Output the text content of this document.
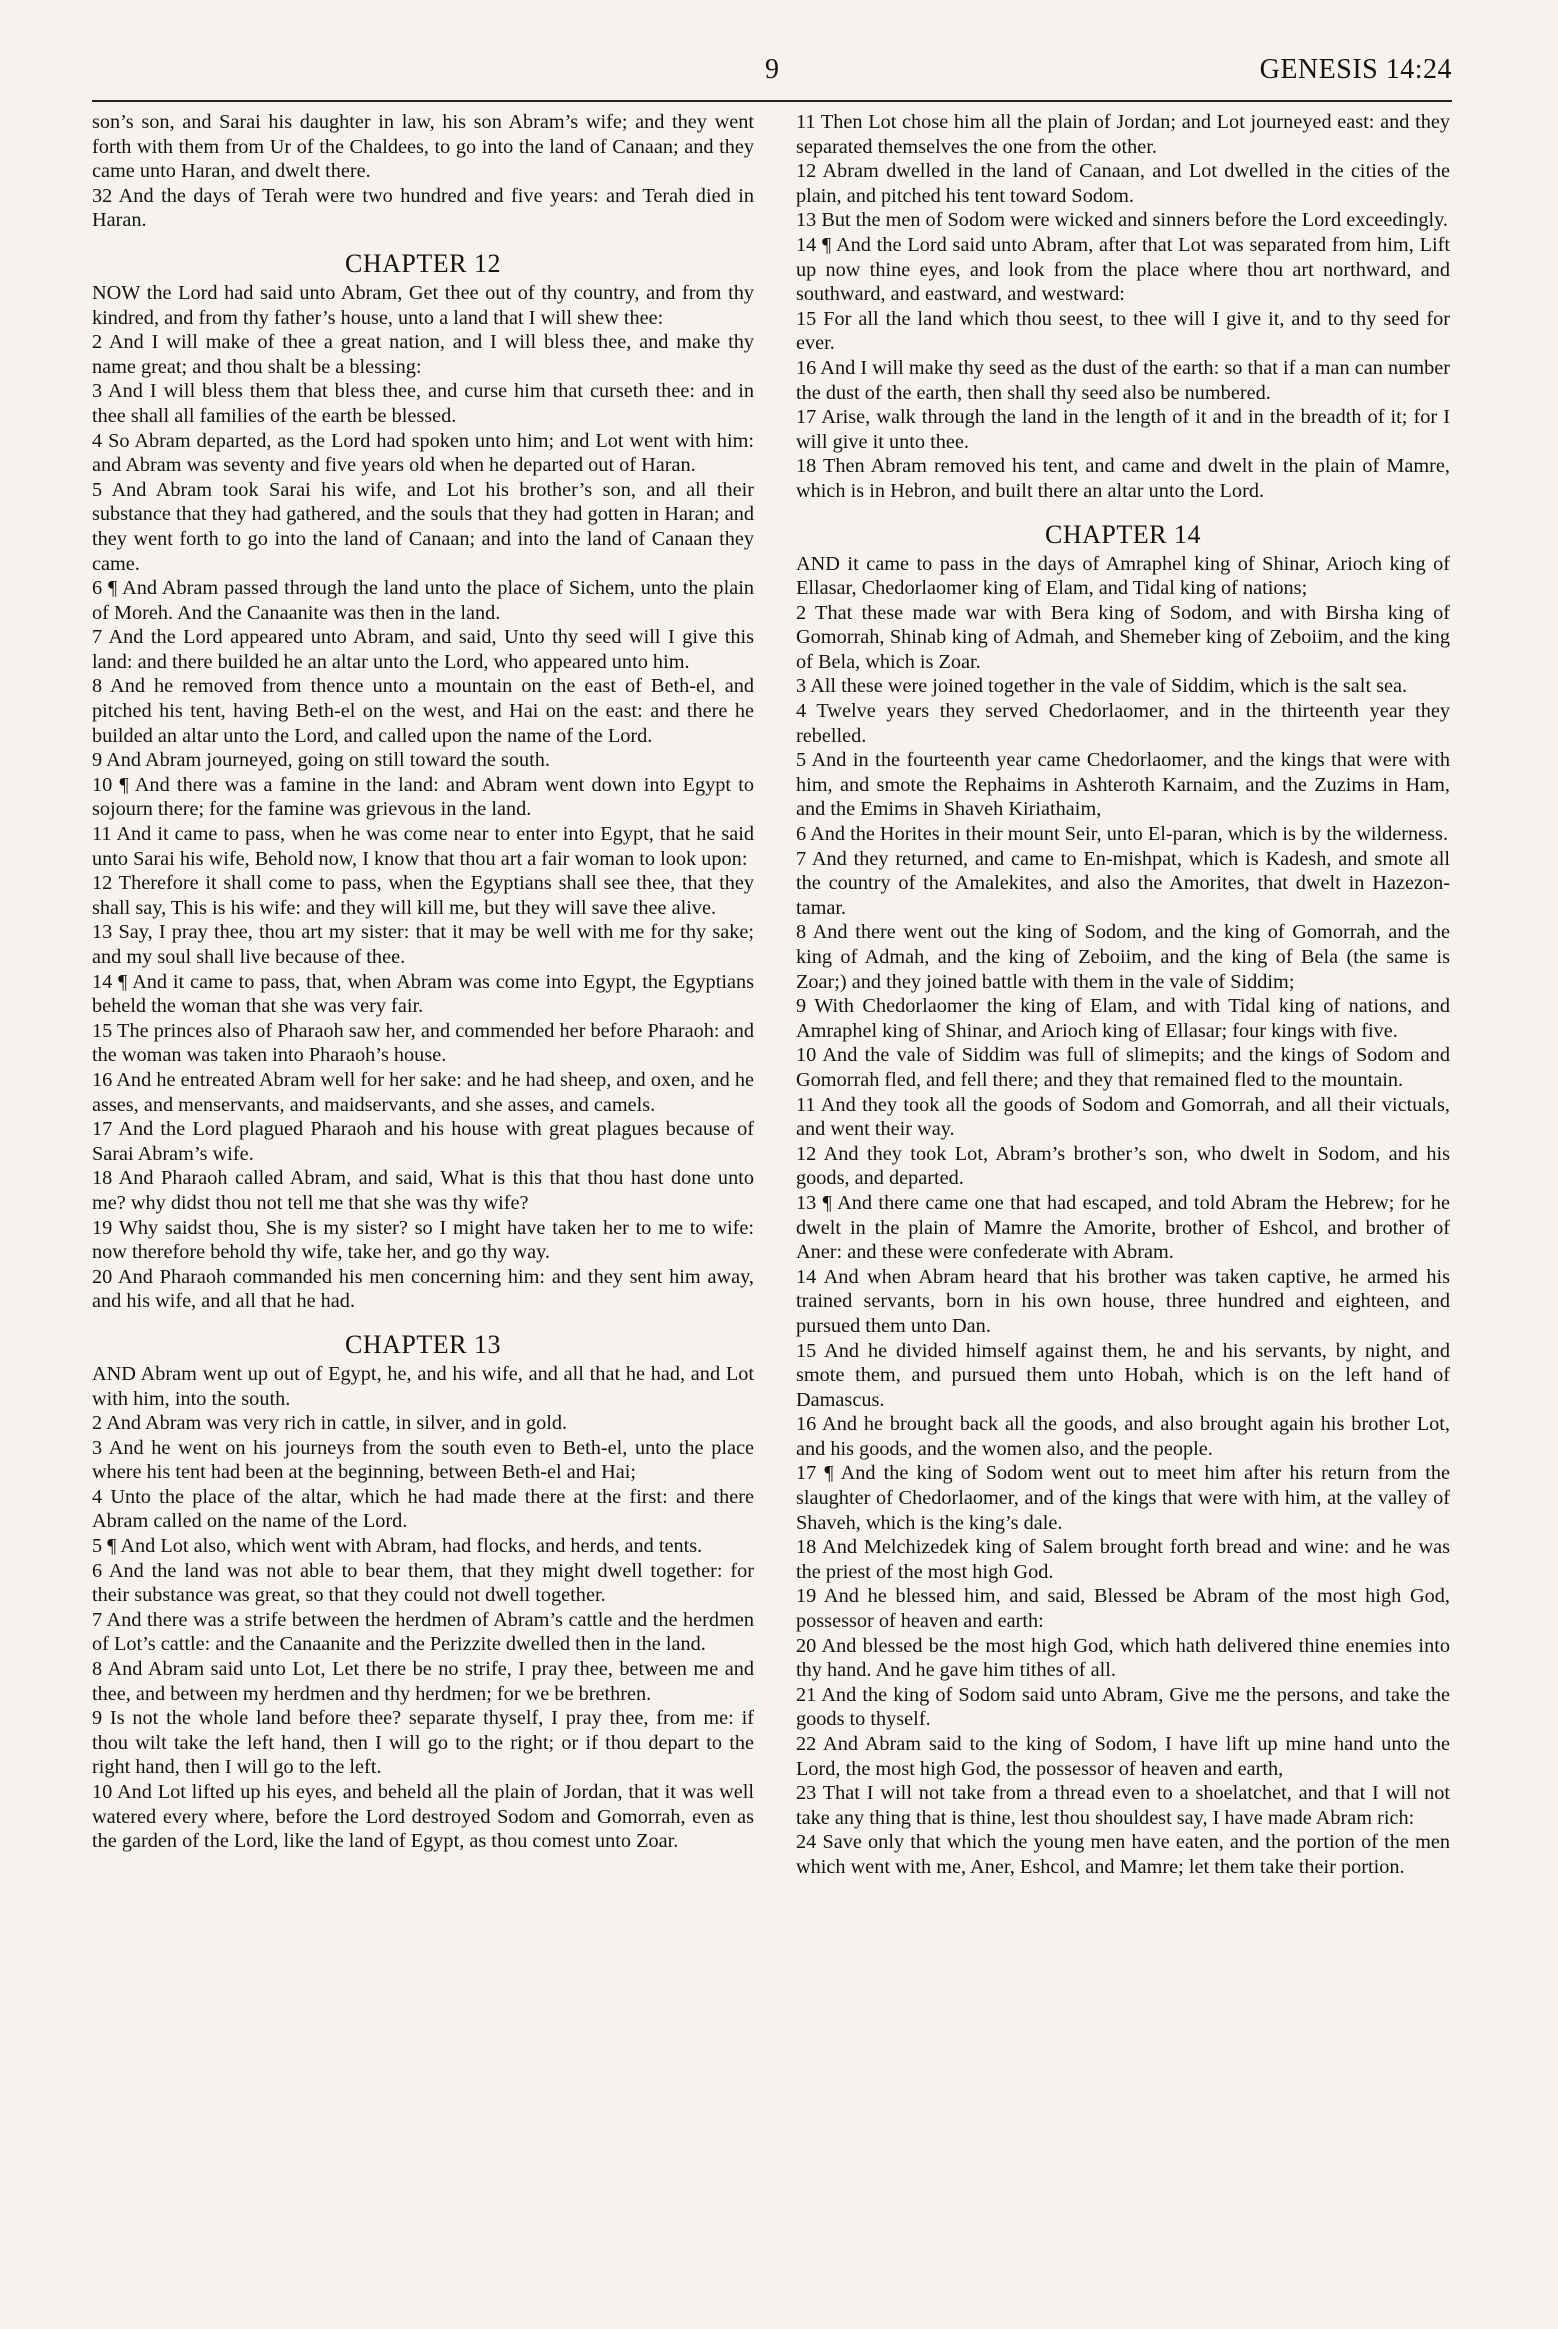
9	GENESIS 14:24

son’s son, and Sarai his daughter in law, his son Abram’s wife; and they went forth with them from Ur of the Chaldees, to go into the land of Canaan; and they came unto Haran, and dwelt there.

32 And the days of Terah were two hundred and five years: and Terah died in Haran.

CHAPTER 12

NOW the Lord had said unto Abram, Get thee out of thy country, and from thy kindred, and from thy father’s house, unto a land that I will shew thee:

2 And I will make of thee a great nation, and I will bless thee, and make thy name great; and thou shalt be a blessing:

3 And I will bless them that bless thee, and curse him that curseth thee: and in thee shall all families of the earth be blessed.

4 So Abram departed, as the Lord had spoken unto him; and Lot went with him: and Abram was seventy and five years old when he departed out of Haran.

5 And Abram took Sarai his wife, and Lot his brother’s son, and all their substance that they had gathered, and the souls that they had gotten in Haran; and they went forth to go into the land of Canaan; and into the land of Canaan they came.

6 ¶ And Abram passed through the land unto the place of Sichem, unto the plain of Moreh. And the Canaanite was then in the land.

7 And the Lord appeared unto Abram, and said, Unto thy seed will I give this land: and there builded he an altar unto the Lord, who appeared unto him.

8 And he removed from thence unto a mountain on the east of Beth-el, and pitched his tent, having Beth-el on the west, and Hai on the east: and there he builded an altar unto the Lord, and called upon the name of the Lord.

9 And Abram journeyed, going on still toward the south.

10 ¶ And there was a famine in the land: and Abram went down into Egypt to sojourn there; for the famine was grievous in the land.

11 And it came to pass, when he was come near to enter into Egypt, that he said unto Sarai his wife, Behold now, I know that thou art a fair woman to look upon:

12 Therefore it shall come to pass, when the Egyptians shall see thee, that they shall say, This is his wife: and they will kill me, but they will save thee alive.

13 Say, I pray thee, thou art my sister: that it may be well with me for thy sake; and my soul shall live because of thee.

14 ¶ And it came to pass, that, when Abram was come into Egypt, the Egyptians beheld the woman that she was very fair.

15 The princes also of Pharaoh saw her, and commended her before Pharaoh: and the woman was taken into Pharaoh’s house.

16 And he entreated Abram well for her sake: and he had sheep, and oxen, and he asses, and menservants, and maidservants, and she asses, and camels.

17 And the Lord plagued Pharaoh and his house with great plagues because of Sarai Abram’s wife.

18 And Pharaoh called Abram, and said, What is this that thou hast done unto me? why didst thou not tell me that she was thy wife?

19 Why saidst thou, She is my sister? so I might have taken her to me to wife: now therefore behold thy wife, take her, and go thy way.

20 And Pharaoh commanded his men concerning him: and they sent him away, and his wife, and all that he had.

CHAPTER 13

AND Abram went up out of Egypt, he, and his wife, and all that he had, and Lot with him, into the south.

2 And Abram was very rich in cattle, in silver, and in gold.

3 And he went on his journeys from the south even to Beth-el, unto the place where his tent had been at the beginning, between Beth-el and Hai;

4 Unto the place of the altar, which he had made there at the first: and there Abram called on the name of the Lord.

5 ¶ And Lot also, which went with Abram, had flocks, and herds, and tents.

6 And the land was not able to bear them, that they might dwell together: for their substance was great, so that they could not dwell together.

7 And there was a strife between the herdmen of Abram’s cattle and the herdmen of Lot’s cattle: and the Canaanite and the Perizzite dwelled then in the land.

8 And Abram said unto Lot, Let there be no strife, I pray thee, between me and thee, and between my herdmen and thy herdmen; for we be brethren.

9 Is not the whole land before thee? separate thyself, I pray thee, from me: if thou wilt take the left hand, then I will go to the right; or if thou depart to the right hand, then I will go to the left.

10 And Lot lifted up his eyes, and beheld all the plain of Jordan, that it was well watered every where, before the Lord destroyed Sodom and Gomorrah, even as the garden of the Lord, like the land of Egypt, as thou comest unto Zoar.

11 Then Lot chose him all the plain of Jordan; and Lot journeyed east: and they separated themselves the one from the other.

12 Abram dwelled in the land of Canaan, and Lot dwelled in the cities of the plain, and pitched his tent toward Sodom.

13 But the men of Sodom were wicked and sinners before the Lord exceedingly.

14 ¶ And the Lord said unto Abram, after that Lot was separated from him, Lift up now thine eyes, and look from the place where thou art northward, and southward, and eastward, and westward:

15 For all the land which thou seest, to thee will I give it, and to thy seed for ever.

16 And I will make thy seed as the dust of the earth: so that if a man can number the dust of the earth, then shall thy seed also be numbered.

17 Arise, walk through the land in the length of it and in the breadth of it; for I will give it unto thee.

18 Then Abram removed his tent, and came and dwelt in the plain of Mamre, which is in Hebron, and built there an altar unto the Lord.

CHAPTER 14

AND it came to pass in the days of Amraphel king of Shinar, Arioch king of Ellasar, Chedorlaomer king of Elam, and Tidal king of nations;

2 That these made war with Bera king of Sodom, and with Birsha king of Gomorrah, Shinab king of Admah, and Shemeber king of Zeboiim, and the king of Bela, which is Zoar.

3 All these were joined together in the vale of Siddim, which is the salt sea.

4 Twelve years they served Chedorlaomer, and in the thirteenth year they rebelled.

5 And in the fourteenth year came Chedorlaomer, and the kings that were with him, and smote the Rephaims in Ashteroth Karnaim, and the Zuzims in Ham, and the Emims in Shaveh Kiriathaim,

6 And the Horites in their mount Seir, unto El-paran, which is by the wilderness.

7 And they returned, and came to En-mishpat, which is Kadesh, and smote all the country of the Amalekites, and also the Amorites, that dwelt in Hazezon-tamar.

8 And there went out the king of Sodom, and the king of Gomorrah, and the king of Admah, and the king of Zeboiim, and the king of Bela (the same is Zoar;) and they joined battle with them in the vale of Siddim;

9 With Chedorlaomer the king of Elam, and with Tidal king of nations, and Amraphel king of Shinar, and Arioch king of Ellasar; four kings with five.

10 And the vale of Siddim was full of slimepits; and the kings of Sodom and Gomorrah fled, and fell there; and they that remained fled to the mountain.

11 And they took all the goods of Sodom and Gomorrah, and all their victuals, and went their way.

12 And they took Lot, Abram’s brother’s son, who dwelt in Sodom, and his goods, and departed.

13 ¶ And there came one that had escaped, and told Abram the Hebrew; for he dwelt in the plain of Mamre the Amorite, brother of Eshcol, and brother of Aner: and these were confederate with Abram.

14 And when Abram heard that his brother was taken captive, he armed his trained servants, born in his own house, three hundred and eighteen, and pursued them unto Dan.

15 And he divided himself against them, he and his servants, by night, and smote them, and pursued them unto Hobah, which is on the left hand of Damascus.

16 And he brought back all the goods, and also brought again his brother Lot, and his goods, and the women also, and the people.

17 ¶ And the king of Sodom went out to meet him after his return from the slaughter of Chedorlaomer, and of the kings that were with him, at the valley of Shaveh, which is the king’s dale.

18 And Melchizedek king of Salem brought forth bread and wine: and he was the priest of the most high God.

19 And he blessed him, and said, Blessed be Abram of the most high God, possessor of heaven and earth:

20 And blessed be the most high God, which hath delivered thine enemies into thy hand. And he gave him tithes of all.

21 And the king of Sodom said unto Abram, Give me the persons, and take the goods to thyself.

22 And Abram said to the king of Sodom, I have lift up mine hand unto the Lord, the most high God, the possessor of heaven and earth,

23 That I will not take from a thread even to a shoelatchet, and that I will not take any thing that is thine, lest thou shouldest say, I have made Abram rich:

24 Save only that which the young men have eaten, and the portion of the men which went with me, Aner, Eshcol, and Mamre; let them take their portion.
